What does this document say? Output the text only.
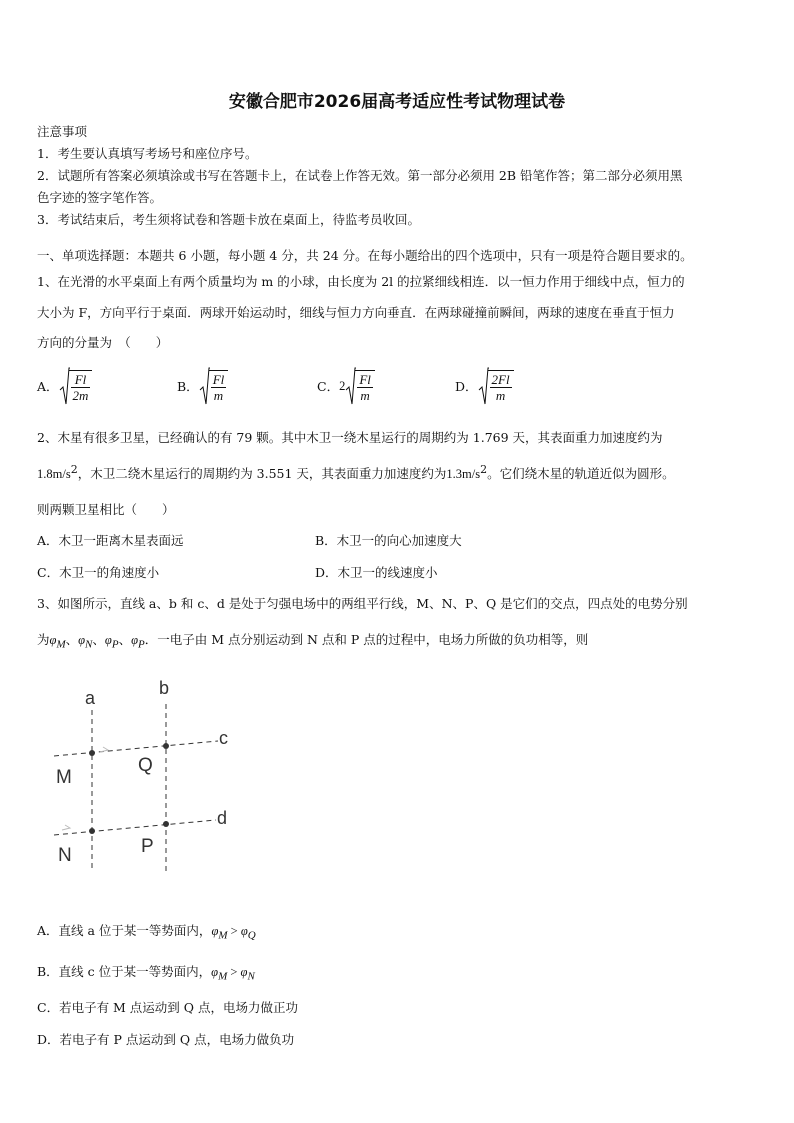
安徽合肥市2026届高考适应性考试物理试卷
注意事项
1．考生要认真填写考场号和座位序号。
2．试题所有答案必须填涂或书写在答题卡上，在试卷上作答无效。第一部分必须用 2B 铅笔作答；第二部分必须用黑
色字迹的签字笔作答。
3．考试结束后，考生须将试卷和答题卡放在桌面上，待监考员收回。
一、单项选择题：本题共 6 小题，每小题 4 分，共 24 分。在每小题给出的四个选项中，只有一项是符合题目要求的。
1、在光滑的水平桌面上有两个质量均为 m 的小球，由长度为 2l 的拉紧细线相连．以一恒力作用于细线中点，恒力的
大小为 F，方向平行于桌面．两球开始运动时，细线与恒力方向垂直．在两球碰撞前瞬间，两球的速度在垂直于恒力
方向的分量为　（　　）
A． $\frac{Fl}{2m}$	B． $\frac{Fl}{m}$	C． $2 \frac{Fl}{m}$	D． $\frac{2Fl}{m}$
2、木星有很多卫星，已经确认的有 79 颗。其中木卫一绕木星运行的周期约为 1.769 天，其表面重力加速度约为
$1.8m/s^2$，木卫二绕木星运行的周期约为 3.551 天，其表面重力加速度约为$1.3m/s^2$。它们绕木星的轨道近似为圆形。
则两颗卫星相比（　　）
A．木卫一距离木星表面远	B．木卫一的向心加速度大
C．木卫一的角速度小	D．木卫一的线速度小
3、如图所示，直线 a、b 和 c、d 是处于匀强电场中的两组平行线，M、N、P、Q 是它们的交点，四点处的电势分别
为$\varphi_M$、$\varphi_N$、$\varphi_P$、$\varphi_P$．一电子由 M 点分别运动到 N 点和 P 点的过程中，电场力所做的负功相等，则
a	b
c
d
M
Q
N	P
A．直线 a 位于某一等势面内，$\varphi_M > \varphi_Q$
B．直线 c 位于某一等势面内，$\varphi_M > \varphi_N$
C．若电子有 M 点运动到 Q 点，电场力做正功
D．若电子有 P 点运动到 Q 点，电场力做负功
